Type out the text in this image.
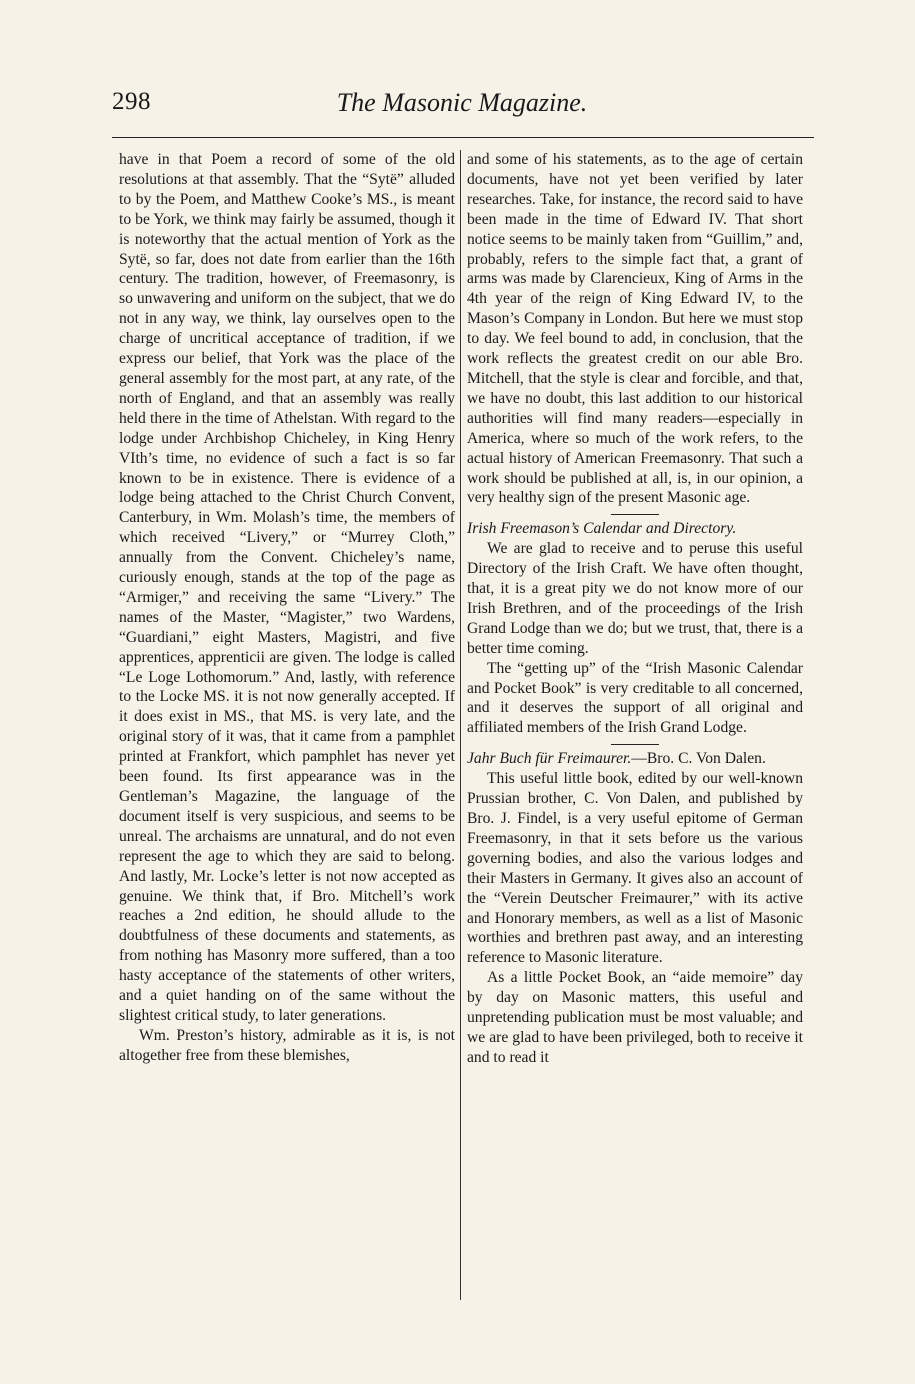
298	The Masonic Magazine.

have in that Poem a record of some of the old resolutions at that assembly. That the “Sytë” alluded to by the Poem, and Matthew Cooke’s MS., is meant to be York, we think may fairly be assumed, though it is noteworthy that the actual mention of York as the Sytë, so far, does not date from earlier than the 16th century. The tradition, however, of Freemasonry, is so unwavering and uniform on the subject, that we do not in any way, we think, lay ourselves open to the charge of uncritical acceptance of tradition, if we express our belief, that York was the place of the general assembly for the most part, at any rate, of the north of England, and that an assembly was really held there in the time of Athelstan. With regard to the lodge under Archbishop Chicheley, in King Henry VIth’s time, no evidence of such a fact is so far known to be in existence. There is evidence of a lodge being attached to the Christ Church Convent, Canterbury, in Wm. Molash’s time, the members of which received “Livery,” or “Murrey Cloth,” annually from the Convent. Chicheley’s name, curiously enough, stands at the top of the page as “Armiger,” and receiving the same “Livery.” The names of the Master, “Magister,” two Wardens, “Guardiani,” eight Masters, Magistri, and five apprentices, apprenticii are given. The lodge is called “Le Loge Lothomorum.” And, lastly, with reference to the Locke MS. it is not now generally accepted. If it does exist in MS., that MS. is very late, and the original story of it was, that it came from a pamphlet printed at Frankfort, which pamphlet has never yet been found. Its first appearance was in the Gentleman’s Magazine, the language of the document itself is very suspicious, and seems to be unreal. The archaisms are unnatural, and do not even represent the age to which they are said to belong. And lastly, Mr. Locke’s letter is not now accepted as genuine. We think that, if Bro. Mitchell’s work reaches a 2nd edition, he should allude to the doubtfulness of these documents and statements, as from nothing has Masonry more suffered, than a too hasty acceptance of the statements of other writers, and a quiet handing on of the same without the slightest critical study, to later generations.

Wm. Preston’s history, admirable as it is, is not altogether free from these blemishes,

and some of his statements, as to the age of certain documents, have not yet been verified by later researches. Take, for instance, the record said to have been made in the time of Edward IV. That short notice seems to be mainly taken from “Guillim,” and, probably, refers to the simple fact that, a grant of arms was made by Clarencieux, King of Arms in the 4th year of the reign of King Edward IV, to the Mason’s Company in London. But here we must stop to day. We feel bound to add, in conclusion, that the work reflects the greatest credit on our able Bro. Mitchell, that the style is clear and forcible, and that, we have no doubt, this last addition to our historical authorities will find many readers—especially in America, where so much of the work refers, to the actual history of American Freemasonry. That such a work should be published at all, is, in our opinion, a very healthy sign of the present Masonic age.

Irish Freemason’s Calendar and Directory.

We are glad to receive and to peruse this useful Directory of the Irish Craft. We have often thought, that, it is a great pity we do not know more of our Irish Brethren, and of the proceedings of the Irish Grand Lodge than we do; but we trust, that, there is a better time coming.

The “getting up” of the “Irish Masonic Calendar and Pocket Book” is very creditable to all concerned, and it deserves the support of all original and affiliated members of the Irish Grand Lodge.

Jahr Buch für Freimaurer.—Bro. C. Von Dalen.

This useful little book, edited by our well-known Prussian brother, C. Von Dalen, and published by Bro. J. Findel, is a very useful epitome of German Freemasonry, in that it sets before us the various governing bodies, and also the various lodges and their Masters in Germany. It gives also an account of the “Verein Deutscher Freimaurer,” with its active and Honorary members, as well as a list of Masonic worthies and brethren past away, and an interesting reference to Masonic literature.

As a little Pocket Book, an “aide memoire” day by day on Masonic matters, this useful and unpretending publication must be most valuable; and we are glad to have been privileged, both to receive it and to read it
